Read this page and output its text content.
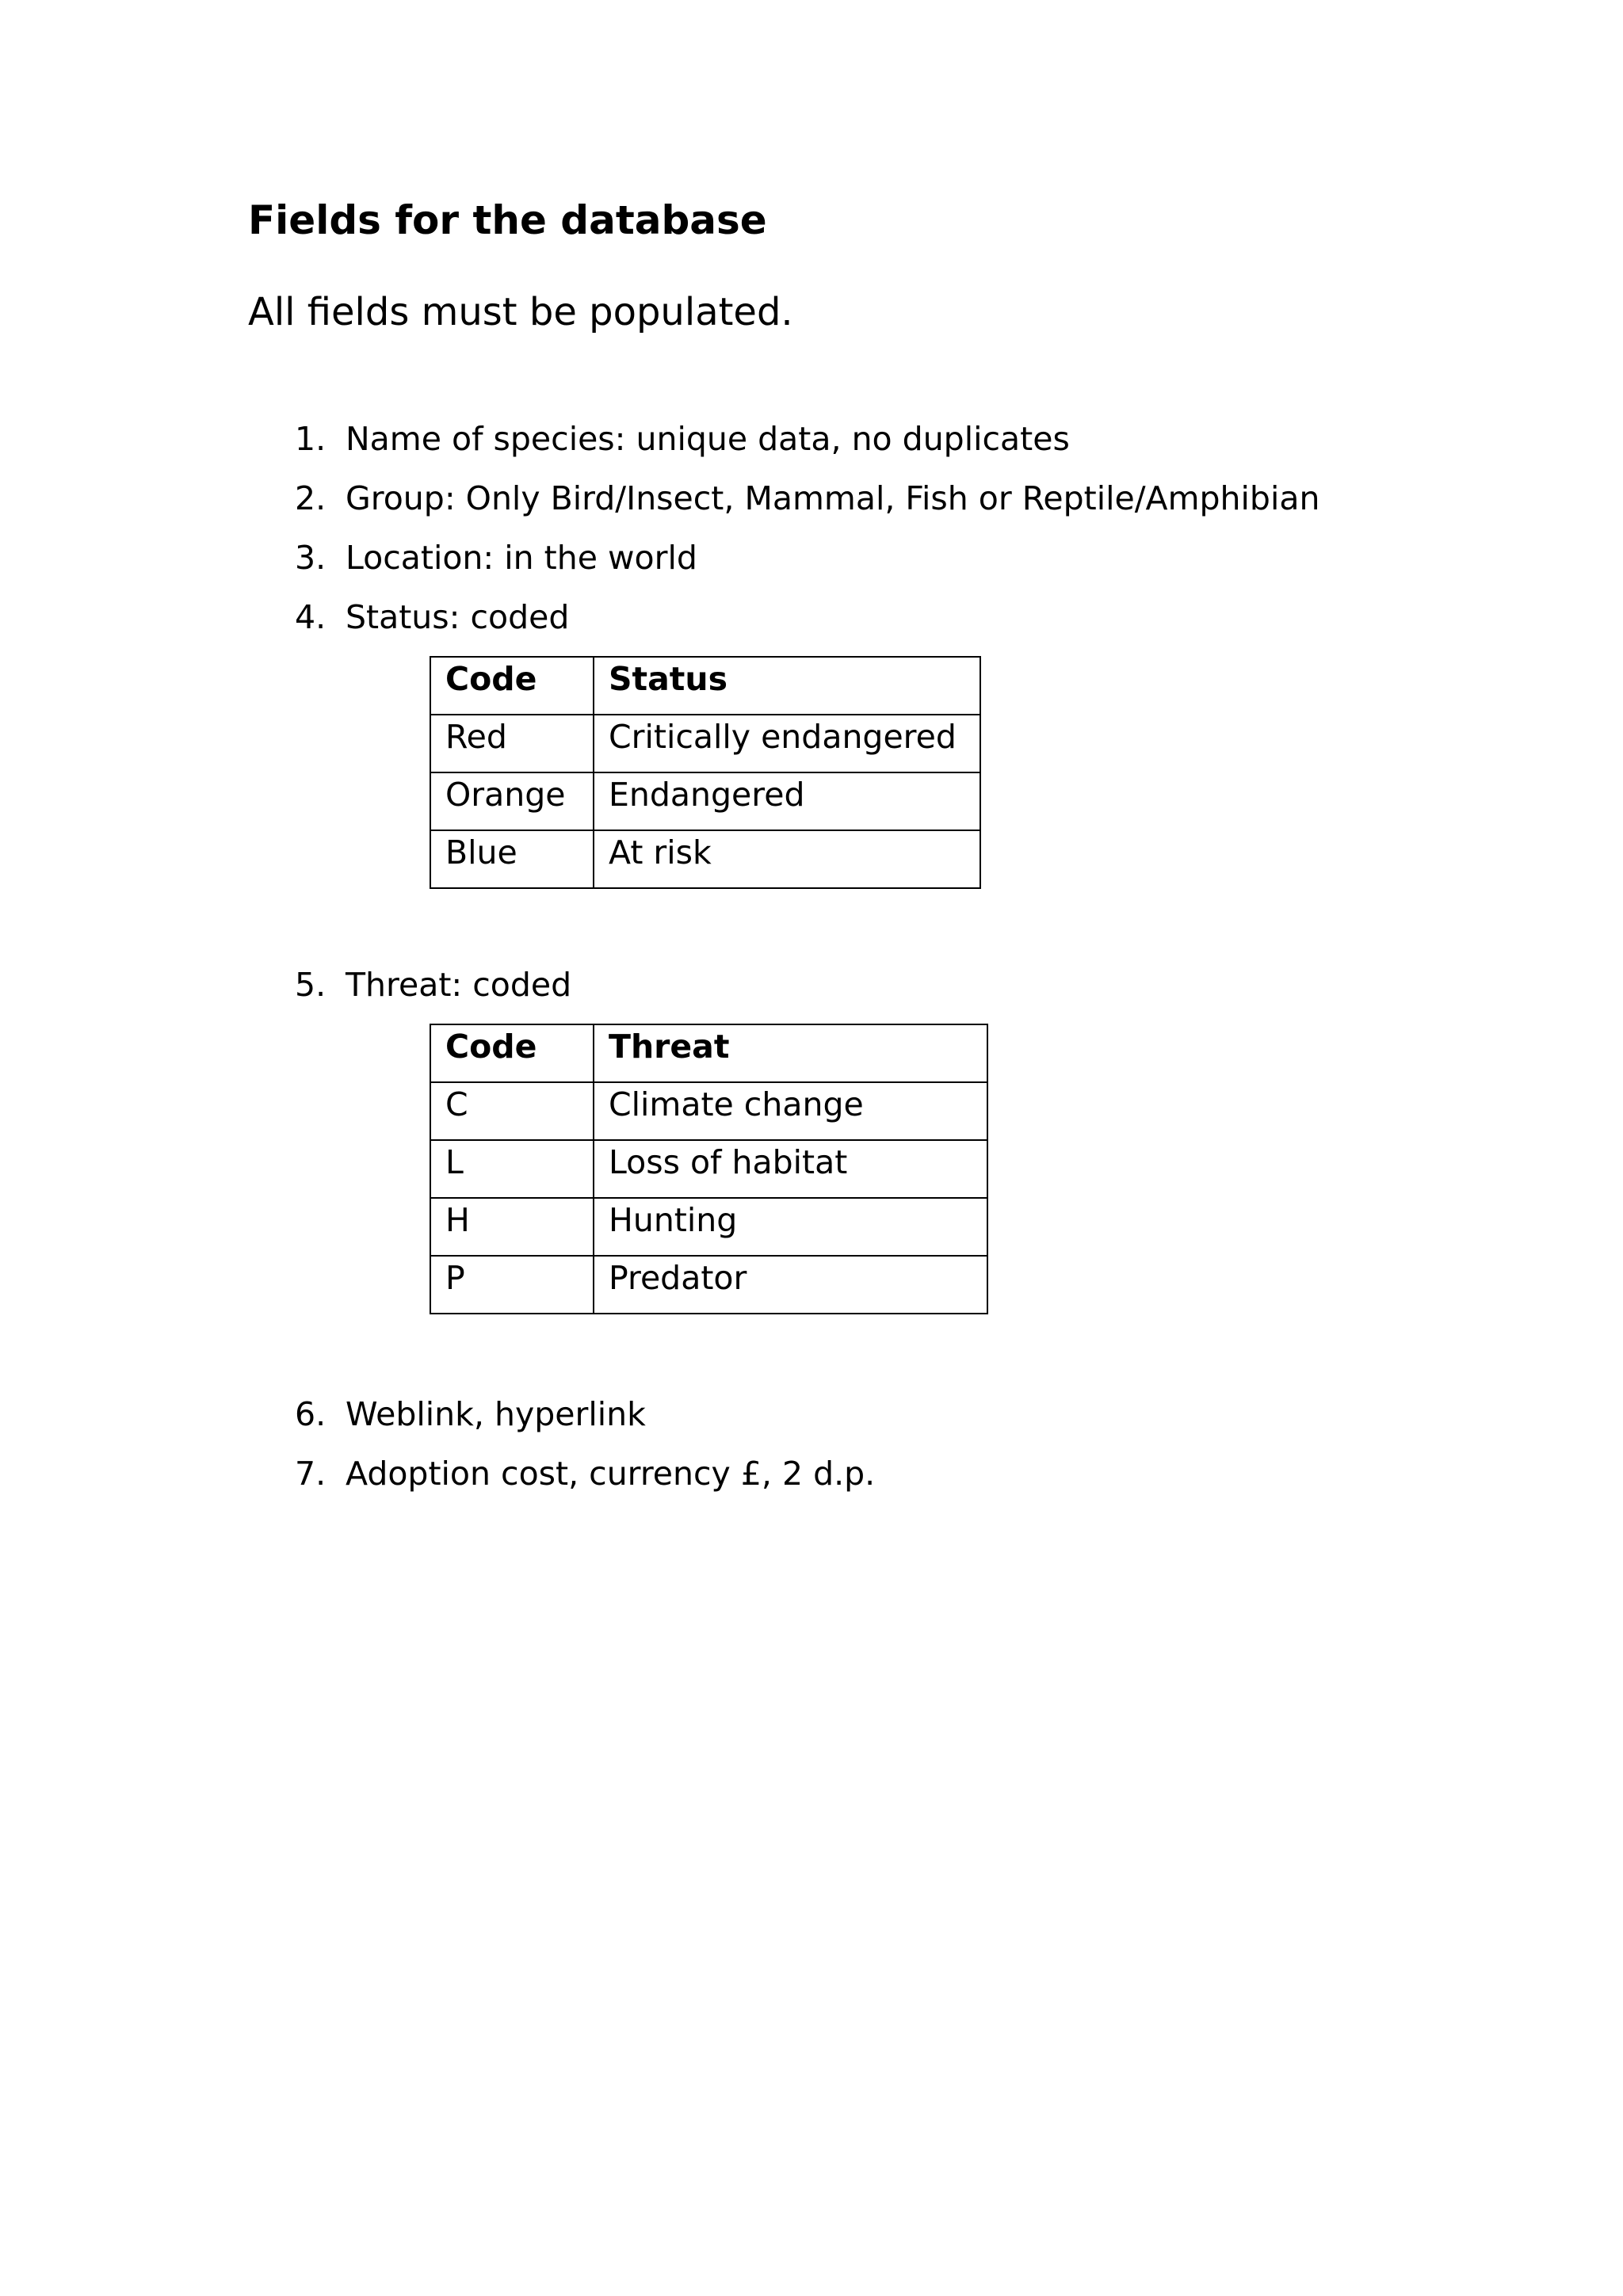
Fields for the database

All fields must be populated.

1. Name of species: unique data, no duplicates

2. Group: Only Bird/Insect, Mammal, Fish or Reptile/Amphibian

3. Location: in the world

4. Status: coded

Code	Status
Red	Critically endangered
Orange	Endangered
Blue	At risk

5. Threat: coded

Code	Threat
C	Climate change
L	Loss of habitat
H	Hunting
P	Predator

6. Weblink, hyperlink

7. Adoption cost, currency £, 2 d.p.
